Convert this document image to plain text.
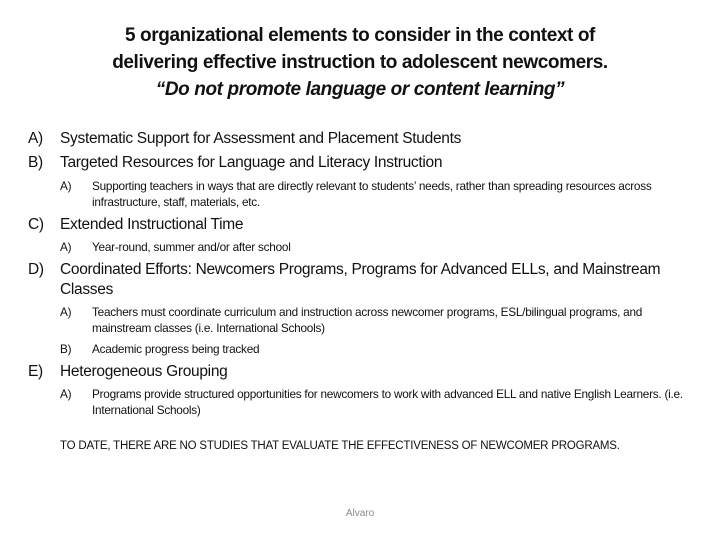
5 organizational elements to consider in the context of
delivering effective instruction to adolescent newcomers.
“Do not promote language or content learning”
A) Systematic Support for Assessment and Placement Students
B) Targeted Resources for Language and Literacy Instruction
A) Supporting teachers in ways that are directly relevant to students’ needs, rather than spreading resources across infrastructure, staff, materials, etc.
C) Extended Instructional Time
A) Year-round, summer and/or after school
D) Coordinated Efforts: Newcomers Programs, Programs for Advanced ELLs, and Mainstream Classes
A) Teachers must coordinate curriculum and instruction across newcomer programs, ESL/bilingual programs, and mainstream classes (i.e. International Schools)
B) Academic progress being tracked
E) Heterogeneous Grouping
A) Programs provide structured opportunities for newcomers to work with advanced ELL and native English Learners. (i.e. International Schools)
TO DATE, THERE ARE NO STUDIES THAT EVALUATE THE EFFECTIVENESS OF NEWCOMER PROGRAMS.
Alvaro
